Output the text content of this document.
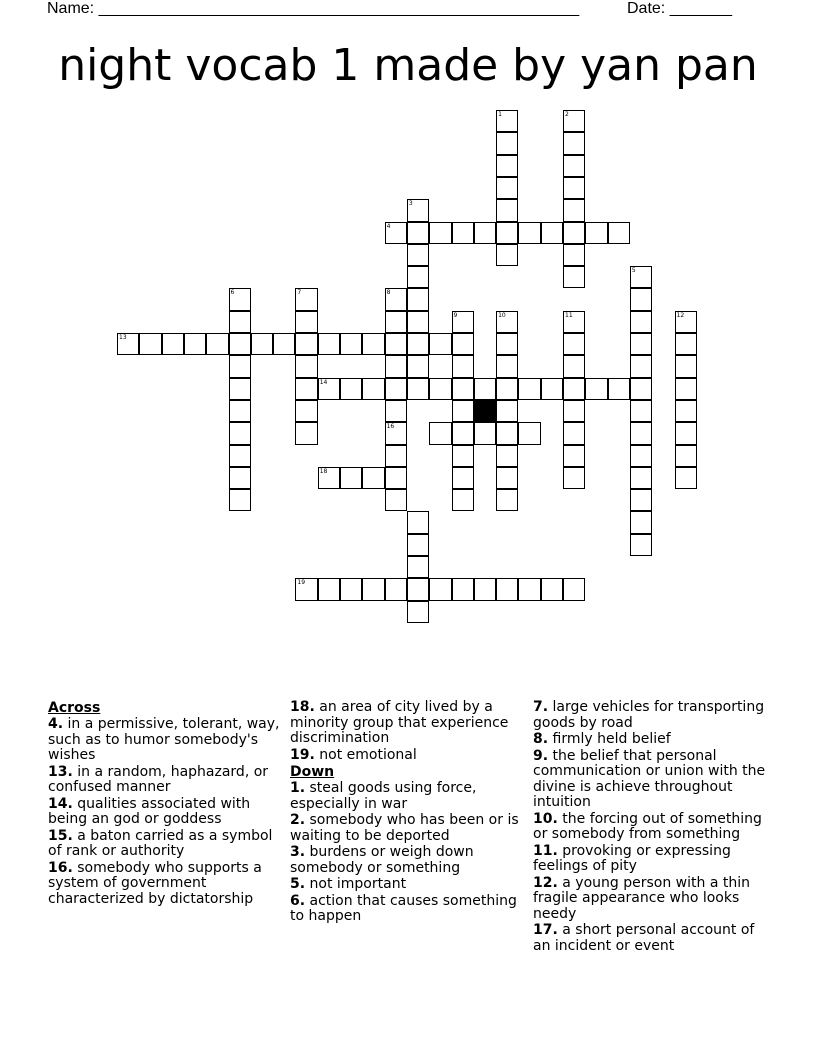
Name: ______________________________________________________	Date: _______
night vocab 1 made by yan pan
1	2
3
4
5
6	7	8
9	10	11	12
13
14
16
18
19
Across
4. in a permissive, tolerant, way, such as to humor somebody's wishes
13. in a random, haphazard, or confused manner
14. qualities associated with being an god or goddess
15. a baton carried as a symbol of rank or authority
16. somebody who supports a system of government characterized by dictatorship
18. an area of city lived by a minority group that experience discrimination
19. not emotional
Down
1. steal goods using force, especially in war
2. somebody who has been or is waiting to be deported
3. burdens or weigh down somebody or something
5. not important
6. action that causes something to happen
7. large vehicles for transporting goods by road
8. firmly held belief
9. the belief that personal communication or union with the divine is achieve throughout intuition
10. the forcing out of something or somebody from something
11. provoking or expressing feelings of pity
12. a young person with a thin fragile appearance who looks needy
17. a short personal account of an incident or event
